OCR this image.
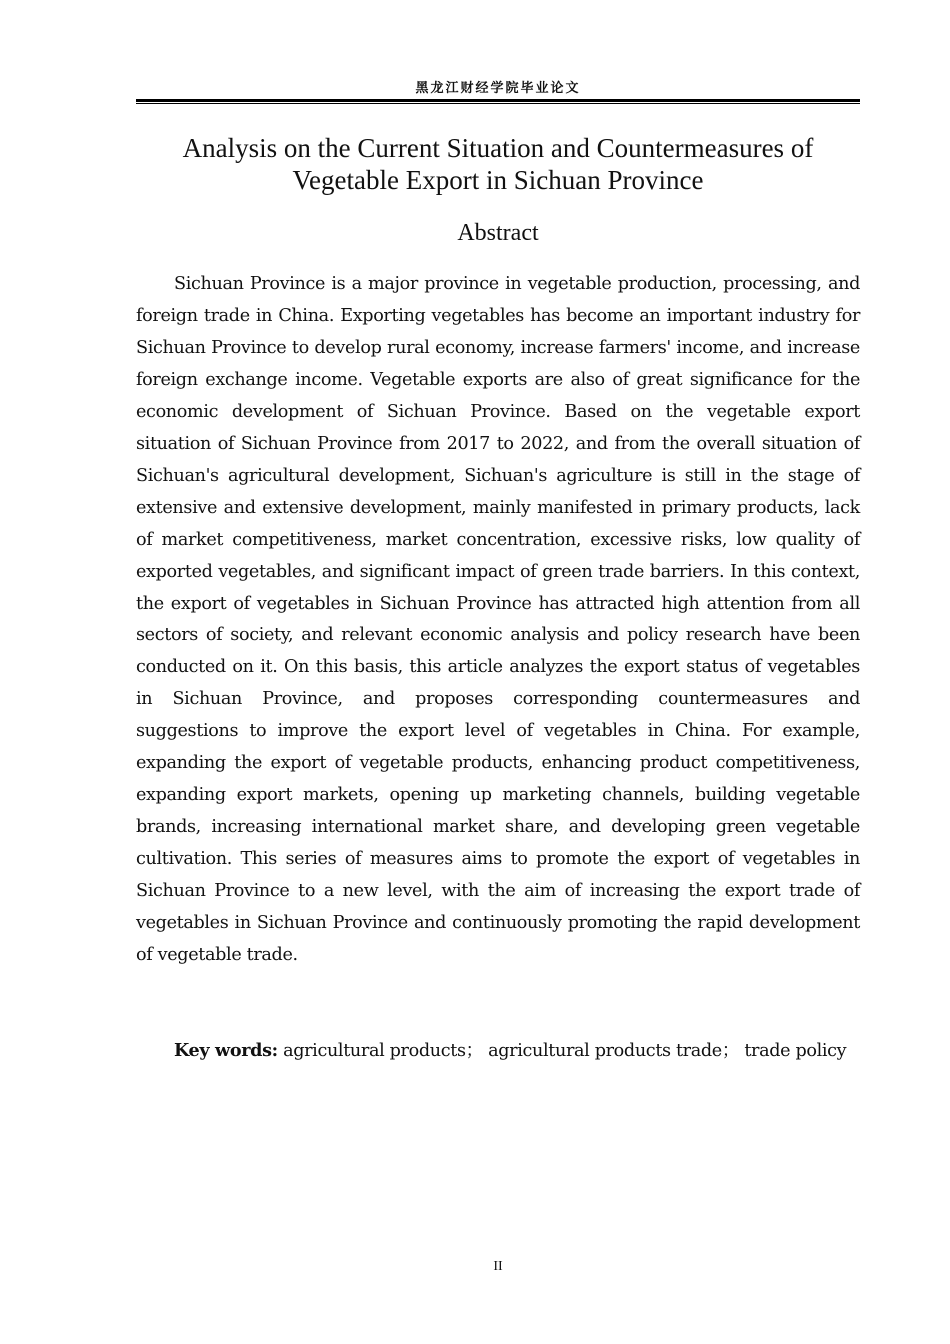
黑龙江财经学院毕业论文
Analysis on the Current Situation and Countermeasures of Vegetable Export in Sichuan Province
Abstract

Sichuan Province is a major province in vegetable production, processing, and foreign trade in China. Exporting vegetables has become an important industry for Sichuan Province to develop rural economy, increase farmers' income, and increase foreign exchange income. Vegetable exports are also of great significance for the economic development of Sichuan Province. Based on the vegetable export situation of Sichuan Province from 2017 to 2022, and from the overall situation of Sichuan's agricultural development, Sichuan's agriculture is still in the stage of extensive and extensive development, mainly manifested in primary products, lack of market competitiveness, market concentration, excessive risks, low quality of exported vegetables, and significant impact of green trade barriers. In this context, the export of vegetables in Sichuan Province has attracted high attention from all sectors of society, and relevant economic analysis and policy research have been conducted on it. On this basis, this article analyzes the export status of vegetables in Sichuan Province, and proposes corresponding countermeasures and suggestions to improve the export level of vegetables in China. For example, expanding the export of vegetable products, enhancing product competitiveness, expanding export markets, opening up marketing channels, building vegetable brands, increasing international market share, and developing green vegetable cultivation. This series of measures aims to promote the export of vegetables in Sichuan Province to a new level, with the aim of increasing the export trade of vegetables in Sichuan Province and continuously promoting the rapid development of vegetable trade.

Key words: agricultural products； agricultural products trade； trade policy

II
